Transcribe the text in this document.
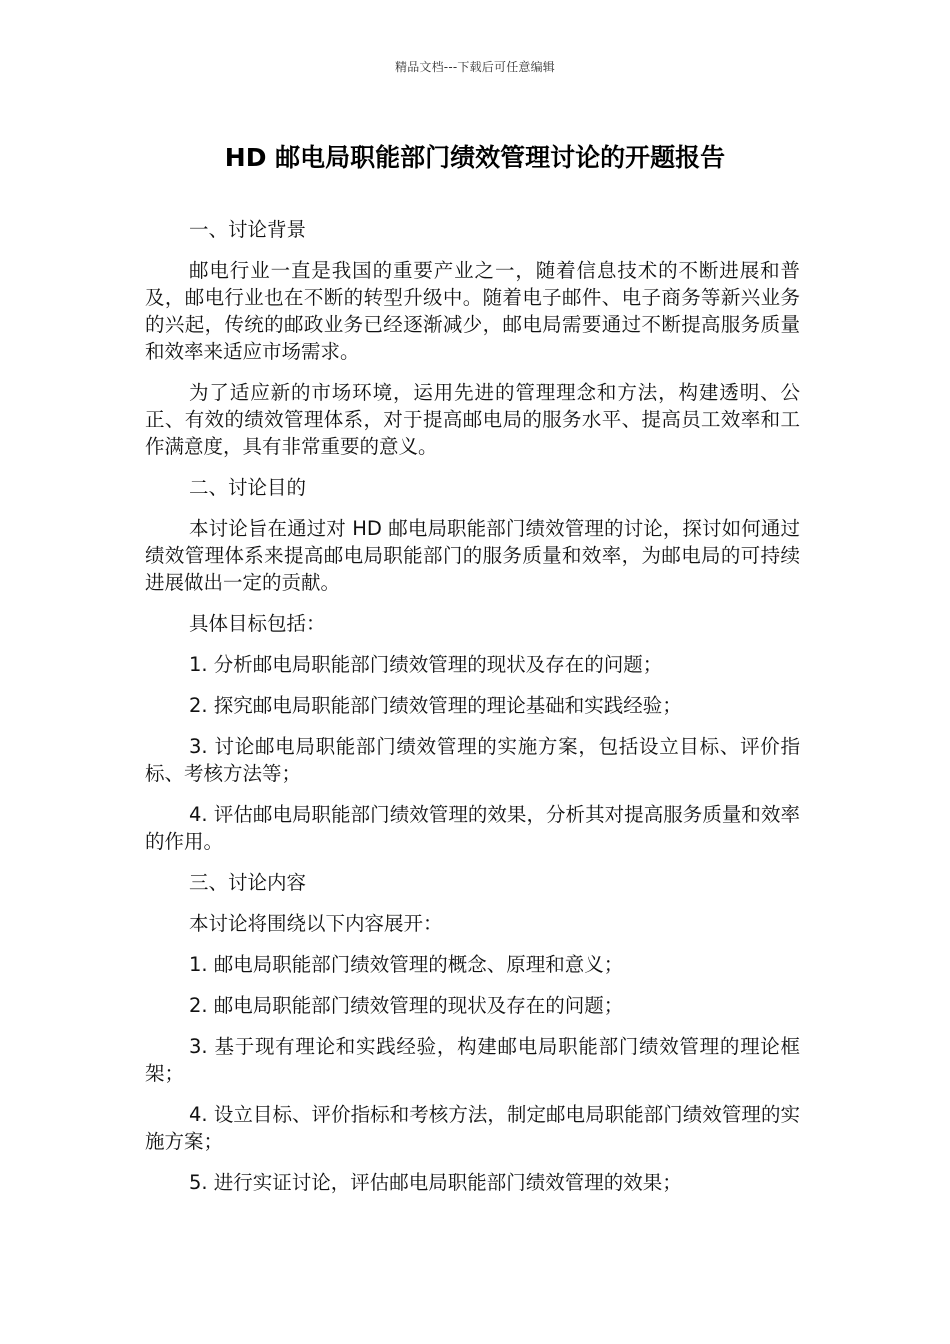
精品文档---下载后可任意编辑
HD 邮电局职能部门绩效管理讨论的开题报告

一、讨论背景

邮电行业一直是我国的重要产业之一，随着信息技术的不断进展和普及，邮电行业也在不断的转型升级中。随着电子邮件、电子商务等新兴业务的兴起，传统的邮政业务已经逐渐减少，邮电局需要通过不断提高服务质量和效率来适应市场需求。

为了适应新的市场环境，运用先进的管理理念和方法，构建透明、公正、有效的绩效管理体系，对于提高邮电局的服务水平、提高员工效率和工作满意度，具有非常重要的意义。

二、讨论目的

本讨论旨在通过对 HD 邮电局职能部门绩效管理的讨论，探讨如何通过绩效管理体系来提高邮电局职能部门的服务质量和效率，为邮电局的可持续进展做出一定的贡献。

具体目标包括：

1. 分析邮电局职能部门绩效管理的现状及存在的问题；

2. 探究邮电局职能部门绩效管理的理论基础和实践经验；

3. 讨论邮电局职能部门绩效管理的实施方案，包括设立目标、评价指标、考核方法等；

4. 评估邮电局职能部门绩效管理的效果，分析其对提高服务质量和效率的作用。

三、讨论内容

本讨论将围绕以下内容展开：

1. 邮电局职能部门绩效管理的概念、原理和意义；

2. 邮电局职能部门绩效管理的现状及存在的问题；

3. 基于现有理论和实践经验，构建邮电局职能部门绩效管理的理论框架；

4. 设立目标、评价指标和考核方法，制定邮电局职能部门绩效管理的实施方案；

5. 进行实证讨论，评估邮电局职能部门绩效管理的效果；
